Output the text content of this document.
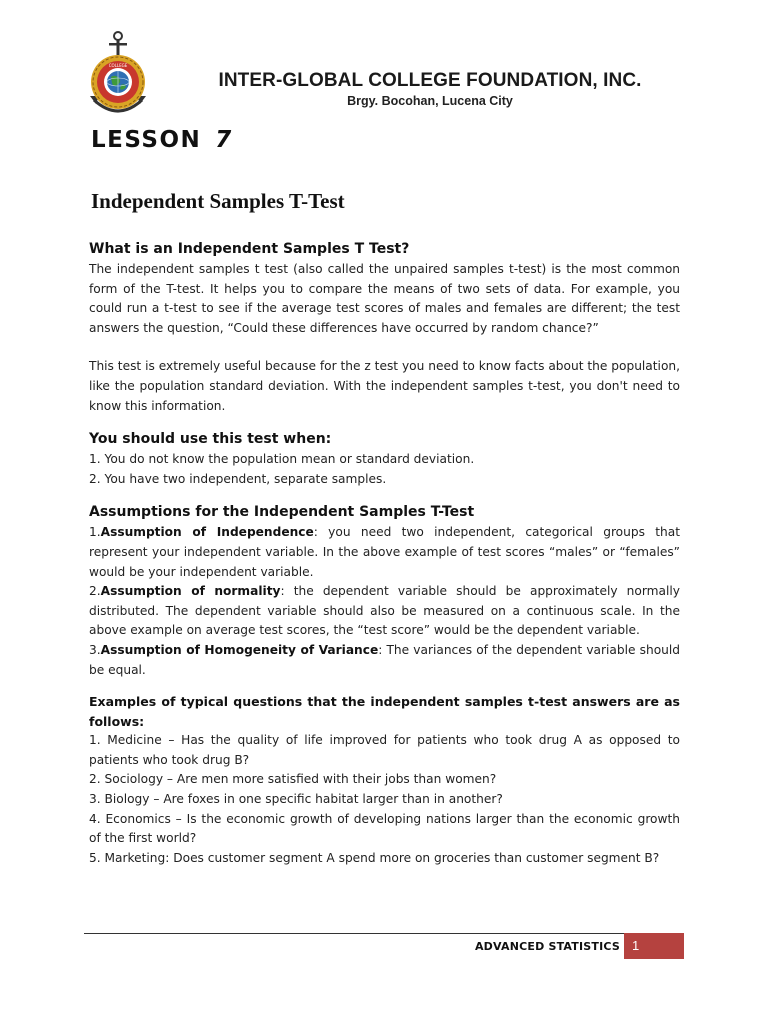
COLLEGE
INTER-GLOBAL COLLEGE FOUNDATION, INC.
Brgy. Bocohan, Lucena City
LESSON 7
Independent Samples T-Test
What is an Independent Samples T Test?

The independent samples t test (also called the unpaired samples t-test) is the most common form of the T-test. It helps you to compare the means of two sets of data. For example, you could run a t-test to see if the average test scores of males and females are different; the test answers the question, “Could these differences have occurred by random chance?”

This test is extremely useful because for the z test you need to know facts about the population, like the population standard deviation. With the independent samples t-test, you don't need to know this information.

You should use this test when:

1. You do not know the population mean or standard deviation.

2. You have two independent, separate samples.

Assumptions for the Independent Samples T-Test

1.Assumption of Independence: you need two independent, categorical groups that represent your independent variable. In the above example of test scores “males” or “females” would be your independent variable.

2.Assumption of normality: the dependent variable should be approximately normally distributed. The dependent variable should also be measured on a continuous scale. In the above example on average test scores, the “test score” would be the dependent variable.

3.Assumption of Homogeneity of Variance: The variances of the dependent variable should be equal.

Examples of typical questions that the independent samples t-test answers are as follows:

1. Medicine – Has the quality of life improved for patients who took drug A as opposed to patients who took drug B?

2. Sociology – Are men more satisfied with their jobs than women?

3. Biology – Are foxes in one specific habitat larger than in another?

4. Economics – Is the economic growth of developing nations larger than the economic growth of the first world?

5. Marketing: Does customer segment A spend more on groceries than customer segment B?

ADVANCED STATISTICS 1
